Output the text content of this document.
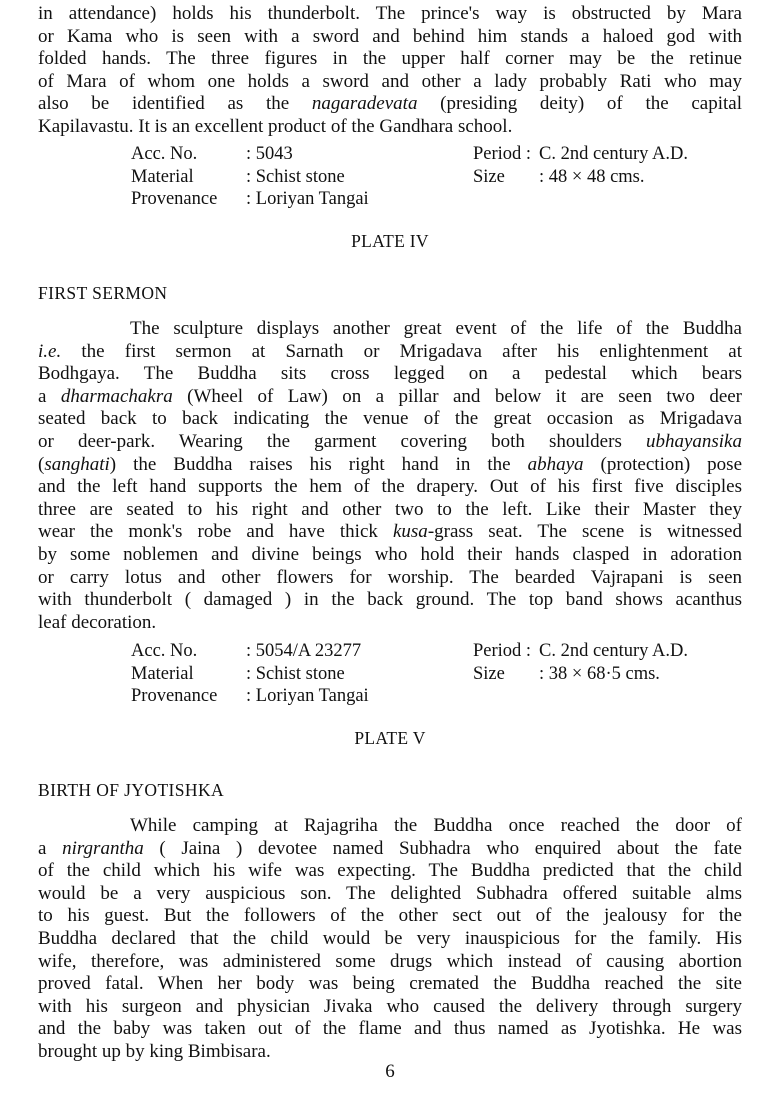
in attendance) holds his thunderbolt. The prince's way is obstructed by Mara
or Kama who is seen with a sword and behind him stands a haloed god with
folded hands. The three figures in the upper half corner may be the retinue
of Mara of whom one holds a sword and other a lady probably Rati who may
also be identified as the nagaradevata (presiding deity) of the capital
Kapilavastu. It is an excellent product of the Gandhara school.
Acc. No.	: 5043	Period : C. 2nd century A.D.
Material	: Schist stone	Size : 48 × 48 cms.
Provenance : Loriyan Tangai
PLATE IV
FIRST SERMON
The sculpture displays another great event of the life of the Buddha
i.e. the first sermon at Sarnath or Mrigadava after his enlightenment at
Bodhgaya. The Buddha sits cross legged on a pedestal which bears
a dharmachakra (Wheel of Law) on a pillar and below it are seen two deer
seated back to back indicating the venue of the great occasion as Mrigadava
or deer-park. Wearing the garment covering both shoulders ubhayansika
(sanghati) the Buddha raises his right hand in the abhaya (protection) pose
and the left hand supports the hem of the drapery. Out of his first five disciples
three are seated to his right and other two to the left. Like their Master they
wear the monk's robe and have thick kusa-grass seat. The scene is witnessed
by some noblemen and divine beings who hold their hands clasped in adoration
or carry lotus and other flowers for worship. The bearded Vajrapani is seen
with thunderbolt ( damaged ) in the back ground. The top band shows acanthus
leaf decoration.
Acc. No.	: 5054/A 23277	Period : C. 2nd century A.D.
Material	: Schist stone	Size : 38 × 68·5 cms.
Provenance : Loriyan Tangai
PLATE V
BIRTH OF JYOTISHKA
While camping at Rajagriha the Buddha once reached the door of
a nirgrantha ( Jaina ) devotee named Subhadra who enquired about the fate
of the child which his wife was expecting. The Buddha predicted that the child
would be a very auspicious son. The delighted Subhadra offered suitable alms
to his guest. But the followers of the other sect out of the jealousy for the
Buddha declared that the child would be very inauspicious for the family. His
wife, therefore, was administered some drugs which instead of causing abortion
proved fatal. When her body was being cremated the Buddha reached the site
with his surgeon and physician Jivaka who caused the delivery through surgery
and the baby was taken out of the flame and thus named as Jyotishka. He was
brought up by king Bimbisara.
6
